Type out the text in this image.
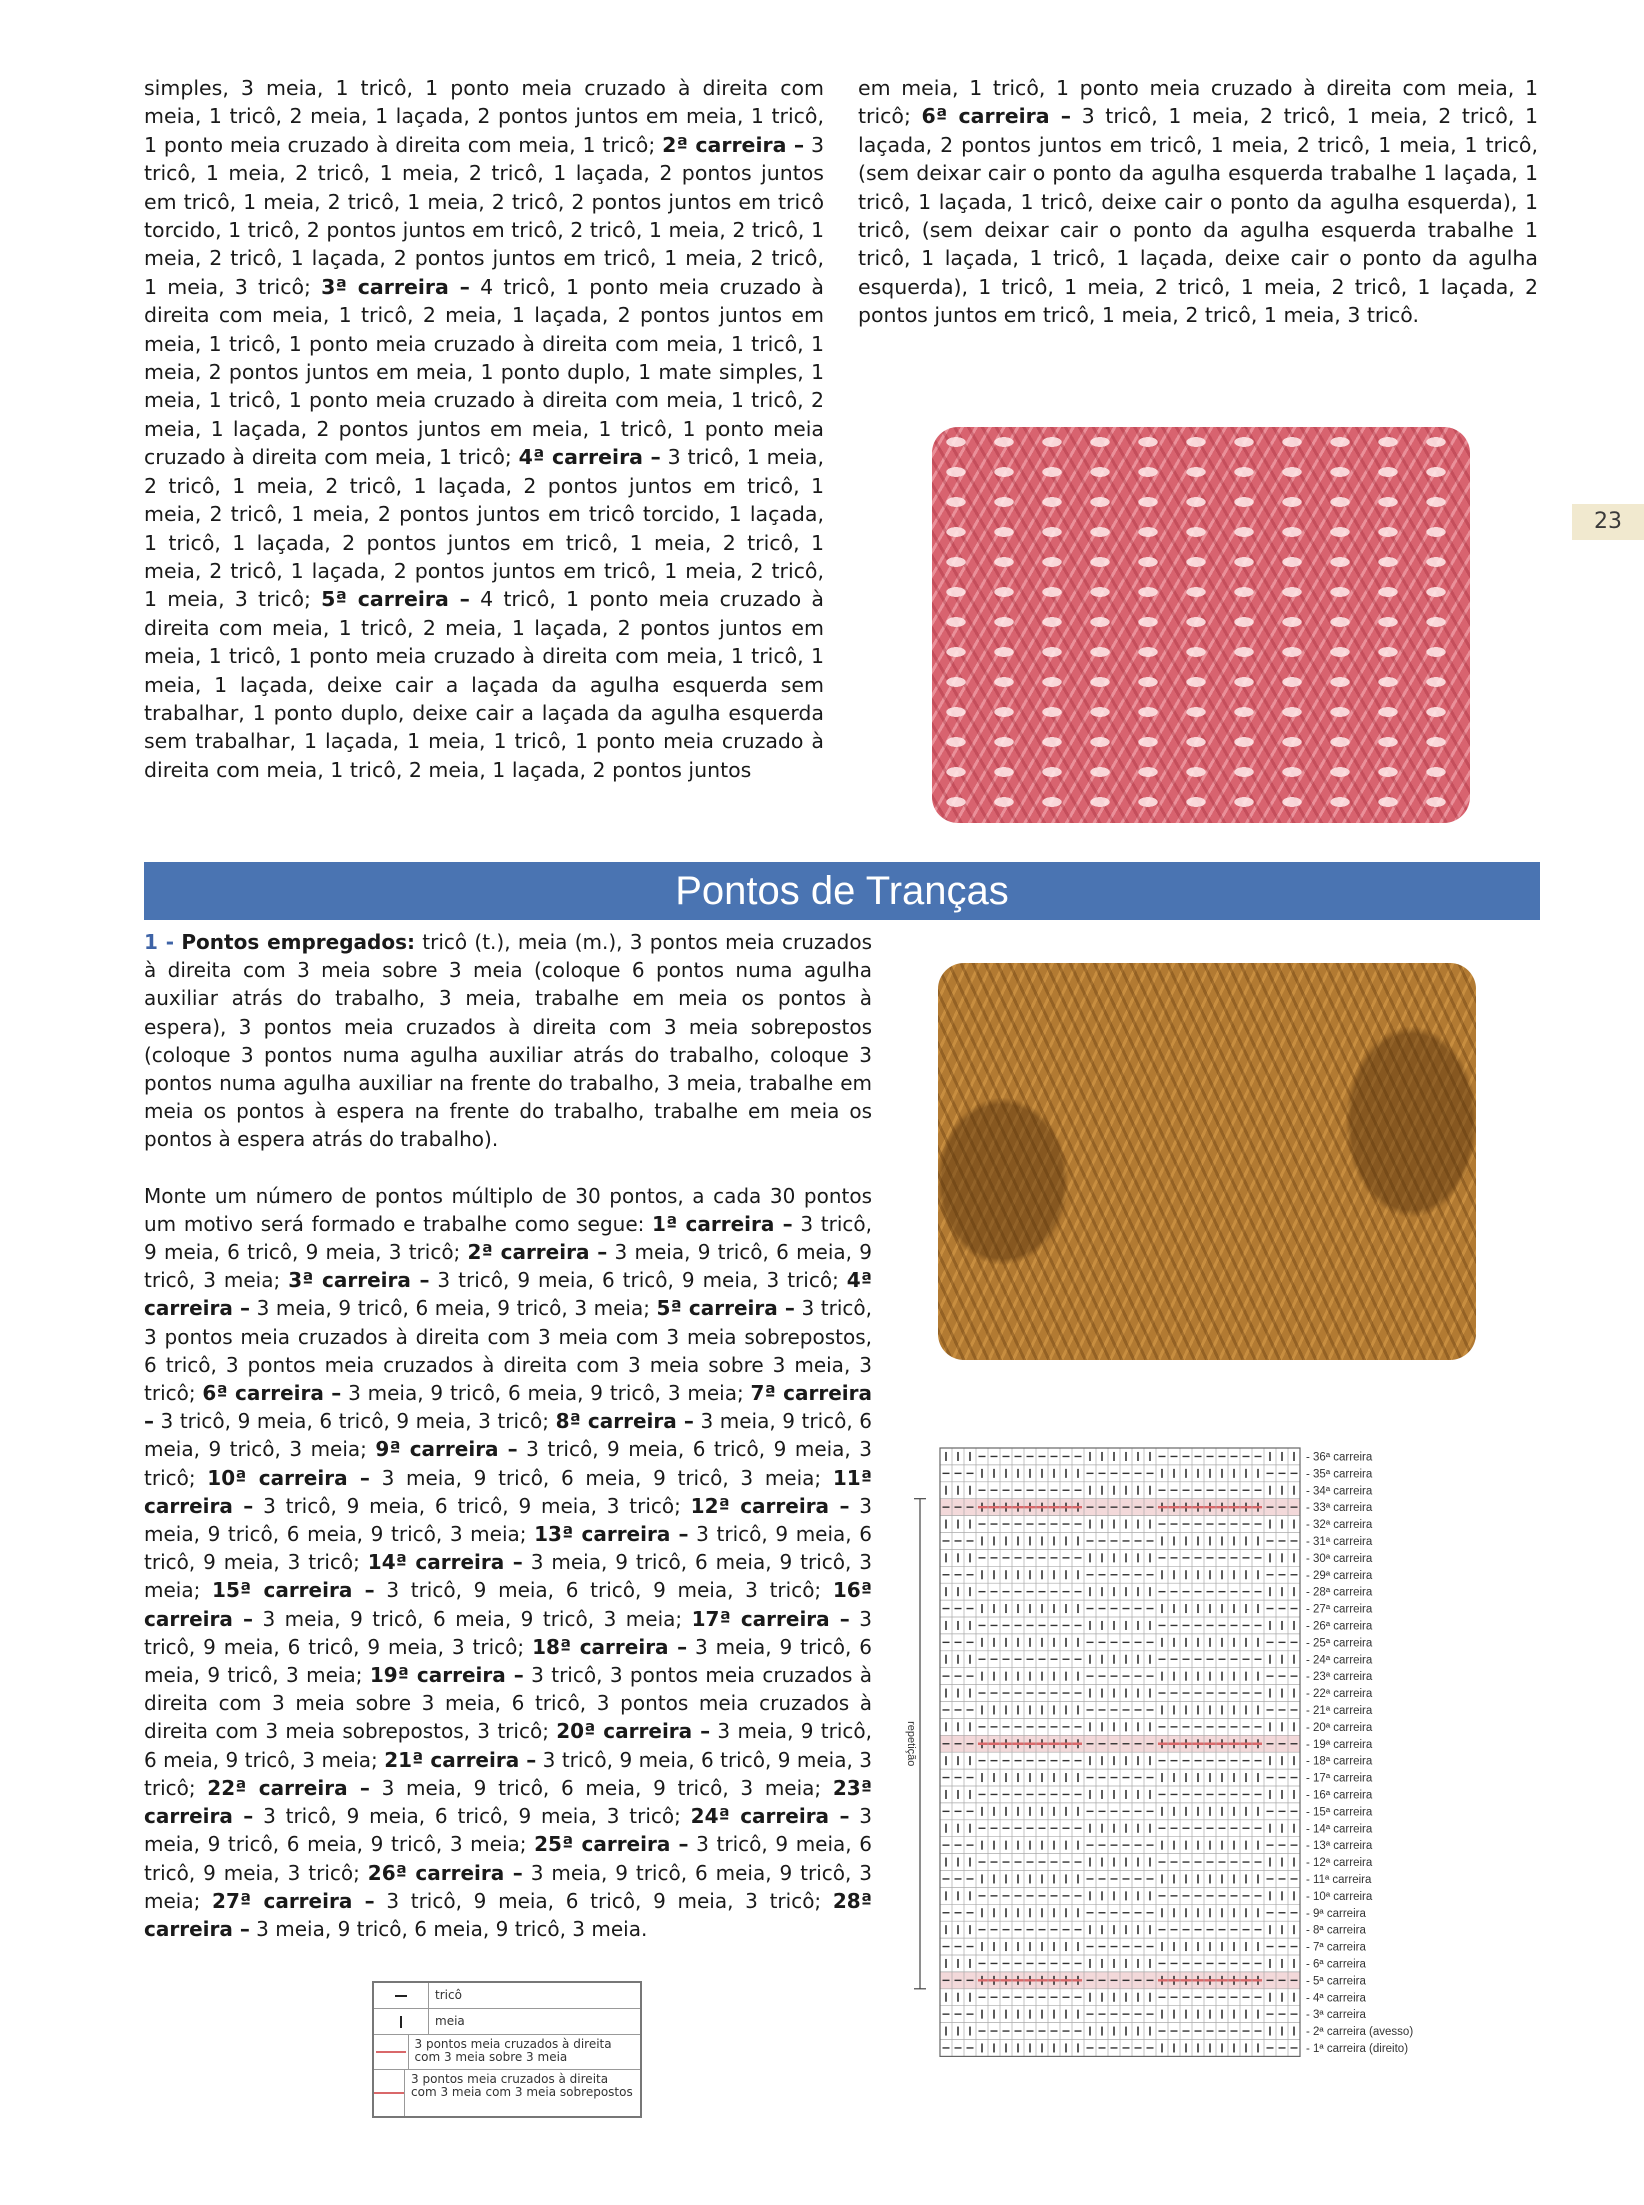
simples, 3 meia, 1 tricô, 1 ponto meia cruzado à direita com meia, 1 tricô, 2 meia, 1 laçada, 2 pontos juntos em meia, 1 tricô, 1 ponto meia cruzado à direita com meia, 1 tricô; 2ª carreira – 3 tricô, 1 meia, 2 tricô, 1 meia, 2 tricô, 1 laçada, 2 pontos juntos em tricô, 1 meia, 2 tricô, 1 meia, 2 tricô, 2 pontos juntos em tricô torcido, 1 tricô, 2 pontos juntos em tricô, 2 tricô, 1 meia, 2 tricô, 1 meia, 2 tricô, 1 laçada, 2 pontos juntos em tricô, 1 meia, 2 tricô, 1 meia, 3 tricô; 3ª carreira – 4 tricô, 1 ponto meia cruzado à direita com meia, 1 tricô, 2 meia, 1 laçada, 2 pontos juntos em meia, 1 tricô, 1 ponto meia cruzado à direita com meia, 1 tricô, 1 meia, 2 pontos juntos em meia, 1 ponto duplo, 1 mate simples, 1 meia, 1 tricô, 1 ponto meia cruzado à direita com meia, 1 tricô, 2 meia, 1 laçada, 2 pontos juntos em meia, 1 tricô, 1 ponto meia cruzado à direita com meia, 1 tricô; 4ª carreira – 3 tricô, 1 meia, 2 tricô, 1 meia, 2 tricô, 1 laçada, 2 pontos juntos em tricô, 1 meia, 2 tricô, 1 meia, 2 pontos juntos em tricô torcido, 1 laçada, 1 tricô, 1 laçada, 2 pontos juntos em tricô, 1 meia, 2 tricô, 1 meia, 2 tricô, 1 laçada, 2 pontos juntos em tricô, 1 meia, 2 tricô, 1 meia, 3 tricô; 5ª carreira – 4 tricô, 1 ponto meia cruzado à direita com meia, 1 tricô, 2 meia, 1 laçada, 2 pontos juntos em meia, 1 tricô, 1 ponto meia cruzado à direita com meia, 1 tricô, 1 meia, 1 laçada, deixe cair a laçada da agulha esquerda sem trabalhar, 1 ponto duplo, deixe cair a laçada da agulha esquerda sem trabalhar, 1 laçada, 1 meia, 1 tricô, 1 ponto meia cruzado à direita com meia, 1 tricô, 2 meia, 1 laçada, 2 pontos juntos
em meia, 1 tricô, 1 ponto meia cruzado à direita com meia, 1 tricô; 6ª carreira – 3 tricô, 1 meia, 2 tricô, 1 meia, 2 tricô, 1 laçada, 2 pontos juntos em tricô, 1 meia, 2 tricô, 1 meia, 1 tricô, (sem deixar cair o ponto da agulha esquerda trabalhe 1 laçada, 1 tricô, 1 laçada, 1 tricô, deixe cair o ponto da agulha esquerda), 1 tricô, (sem deixar cair o ponto da agulha esquerda trabalhe 1 tricô, 1 laçada, 1 tricô, 1 laçada, deixe cair o ponto da agulha esquerda), 1 tricô, 1 meia, 2 tricô, 1 meia, 2 tricô, 1 laçada, 2 pontos juntos em tricô, 1 meia, 2 tricô, 1 meia, 3 tricô.
23
Pontos de Tranças
1 - Pontos empregados: tricô (t.), meia (m.), 3 pontos meia cruzados à direita com 3 meia sobre 3 meia (coloque 6 pontos numa agulha auxiliar atrás do trabalho, 3 meia, trabalhe em meia os pontos à espera), 3 pontos meia cruzados à direita com 3 meia sobrepostos (coloque 3 pontos numa agulha auxiliar atrás do trabalho, coloque 3 pontos numa agulha auxiliar na frente do trabalho, 3 meia, trabalhe em meia os pontos à espera na frente do trabalho, trabalhe em meia os pontos à espera atrás do trabalho).
Monte um número de pontos múltiplo de 30 pontos, a cada 30 pontos um motivo será formado e trabalhe como segue: 1ª carreira – 3 tricô, 9 meia, 6 tricô, 9 meia, 3 tricô; 2ª carreira – 3 meia, 9 tricô, 6 meia, 9 tricô, 3 meia; 3ª carreira – 3 tricô, 9 meia, 6 tricô, 9 meia, 3 tricô; 4ª carreira – 3 meia, 9 tricô, 6 meia, 9 tricô, 3 meia; 5ª carreira – 3 tricô, 3 pontos meia cruzados à direita com 3 meia com 3 meia sobrepostos, 6 tricô, 3 pontos meia cruzados à direita com 3 meia sobre 3 meia, 3 tricô; 6ª carreira – 3 meia, 9 tricô, 6 meia, 9 tricô, 3 meia; 7ª carreira – 3 tricô, 9 meia, 6 tricô, 9 meia, 3 tricô; 8ª carreira – 3 meia, 9 tricô, 6 meia, 9 tricô, 3 meia; 9ª carreira – 3 tricô, 9 meia, 6 tricô, 9 meia, 3 tricô; 10ª carreira – 3 meia, 9 tricô, 6 meia, 9 tricô, 3 meia; 11ª carreira – 3 tricô, 9 meia, 6 tricô, 9 meia, 3 tricô; 12ª carreira – 3 meia, 9 tricô, 6 meia, 9 tricô, 3 meia; 13ª carreira – 3 tricô, 9 meia, 6 tricô, 9 meia, 3 tricô; 14ª carreira – 3 meia, 9 tricô, 6 meia, 9 tricô, 3 meia; 15ª carreira – 3 tricô, 9 meia, 6 tricô, 9 meia, 3 tricô; 16ª carreira – 3 meia, 9 tricô, 6 meia, 9 tricô, 3 meia; 17ª carreira – 3 tricô, 9 meia, 6 tricô, 9 meia, 3 tricô; 18ª carreira – 3 meia, 9 tricô, 6 meia, 9 tricô, 3 meia; 19ª carreira – 3 tricô, 3 pontos meia cruzados à direita com 3 meia sobre 3 meia, 6 tricô, 3 pontos meia cruzados à direita com 3 meia sobrepostos, 3 tricô; 20ª carreira – 3 meia, 9 tricô, 6 meia, 9 tricô, 3 meia; 21ª carreira – 3 tricô, 9 meia, 6 tricô, 9 meia, 3 tricô; 22ª carreira – 3 meia, 9 tricô, 6 meia, 9 tricô, 3 meia; 23ª carreira – 3 tricô, 9 meia, 6 tricô, 9 meia, 3 tricô; 24ª carreira – 3 meia, 9 tricô, 6 meia, 9 tricô, 3 meia; 25ª carreira – 3 tricô, 9 meia, 6 tricô, 9 meia, 3 tricô; 26ª carreira – 3 meia, 9 tricô, 6 meia, 9 tricô, 3 meia; 27ª carreira – 3 tricô, 9 meia, 6 tricô, 9 meia, 3 tricô; 28ª carreira – 3 meia, 9 tricô, 6 meia, 9 tricô, 3 meia.
tricô
meia
3 pontos meia cruzados à direita com 3 meia sobre 3 meia
3 pontos meia cruzados à direita com 3 meia com 3 meia sobrepostos
- 36ª carreira
- 35ª carreira
- 34ª carreira
- 33ª carreira
- 32ª carreira
- 31ª carreira
- 30ª carreira
- 29ª carreira
- 28ª carreira
- 27ª carreira
- 26ª carreira
- 25ª carreira
- 24ª carreira
- 23ª carreira
- 22ª carreira
- 21ª carreira
- 20ª carreira
- 19ª carreira
- 18ª carreira
- 17ª carreira
- 16ª carreira
- 15ª carreira
- 14ª carreira
- 13ª carreira
- 12ª carreira
- 11ª carreira
- 10ª carreira
- 9ª carreira
- 8ª carreira
- 7ª carreira
- 6ª carreira
- 5ª carreira
- 4ª carreira
- 3ª carreira
- 2ª carreira (avesso)
- 1ª carreira (direito)
repetição
